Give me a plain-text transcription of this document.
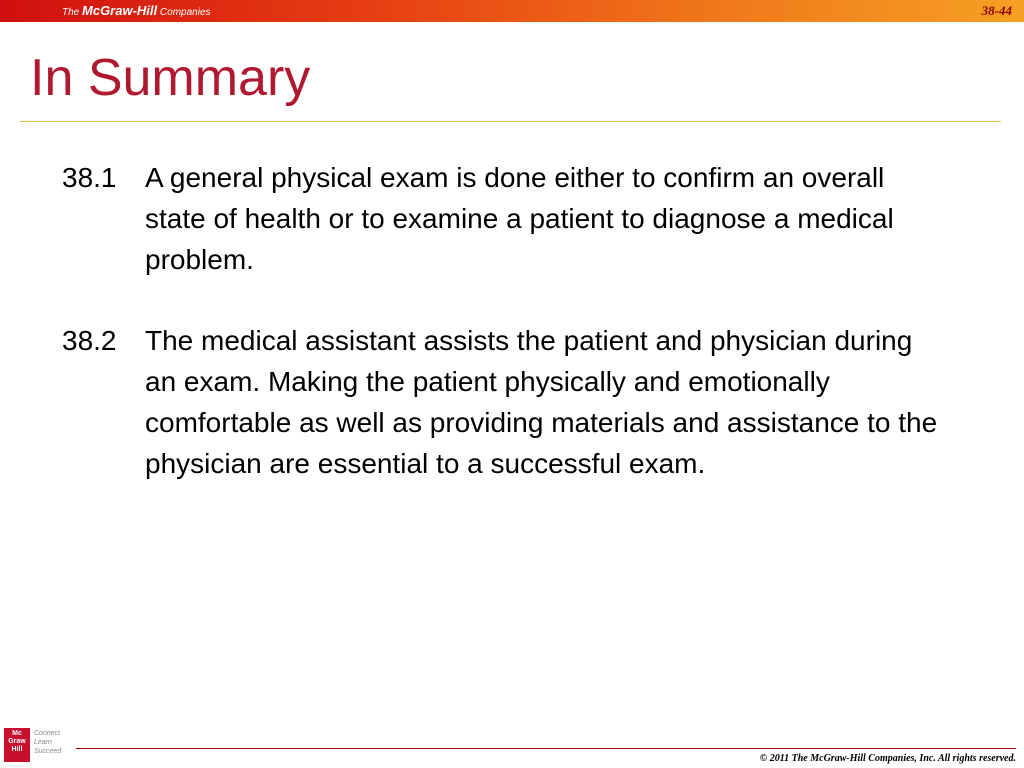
The McGraw-Hill Companies	38-44
In Summary
38.1	A general physical exam is done either to confirm an overall state of health or to examine a patient to diagnose a medical problem.
38.2	The medical assistant assists the patient and physician during an exam. Making the patient physically and emotionally comfortable as well as providing materials and assistance to the physician are essential to a successful exam.
Mc
Graw
Hill
Connect
Learn
Succeed
© 2011 The McGraw-Hill Companies, Inc. All rights reserved.
